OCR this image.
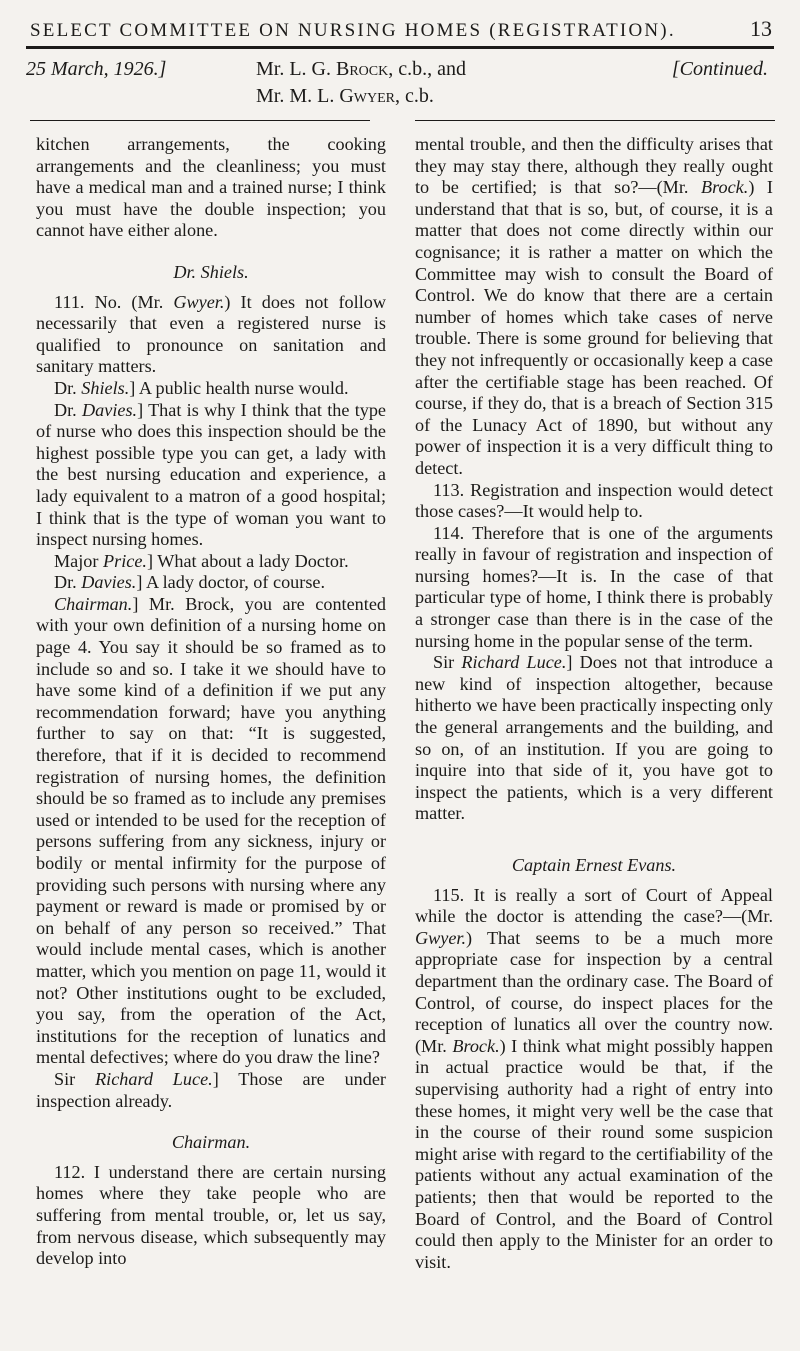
SELECT COMMITTEE ON NURSING HOMES (REGISTRATION).	13
25 March, 1926.]	Mr. L. G. Brock, c.b., and
Mr. M. L. Gwyer, c.b.
[Continued.

kitchen arrangements, the cooking arrangements and the cleanliness; you must have a medical man and a trained nurse; I think you must have the double inspection; you cannot have either alone.

Dr. Shiels.

111. No. (Mr. Gwyer.) It does not follow necessarily that even a registered nurse is qualified to pronounce on sanitation and sanitary matters.

Dr. Shiels.] A public health nurse would.

Dr. Davies.] That is why I think that the type of nurse who does this inspection should be the highest possible type you can get, a lady with the best nursing education and experience, a lady equivalent to a matron of a good hospital; I think that is the type of woman you want to inspect nursing homes.

Major Price.] What about a lady Doctor.

Dr. Davies.] A lady doctor, of course.

Chairman.] Mr. Brock, you are contented with your own definition of a nursing home on page 4. You say it should be so framed as to include so and so. I take it we should have to have some kind of a definition if we put any recommendation forward; have you anything further to say on that: “It is suggested, therefore, that if it is decided to recommend registration of nursing homes, the definition should be so framed as to include any premises used or intended to be used for the reception of persons suffering from any sickness, injury or bodily or mental infirmity for the purpose of providing such persons with nursing where any payment or reward is made or promised by or on behalf of any person so received.” That would include mental cases, which is another matter, which you mention on page 11, would it not? Other institutions ought to be excluded, you say, from the operation of the Act, institutions for the reception of lunatics and mental defectives; where do you draw the line?

Sir Richard Luce.] Those are under inspection already.

Chairman.

112. I understand there are certain nursing homes where they take people who are suffering from mental trouble, or, let us say, from nervous disease, which subsequently may develop into

mental trouble, and then the difficulty arises that they may stay there, although they really ought to be certified; is that so?—(Mr. Brock.) I understand that that is so, but, of course, it is a matter that does not come directly within our cognisance; it is rather a matter on which the Committee may wish to consult the Board of Control. We do know that there are a certain number of homes which take cases of nerve trouble. There is some ground for believing that they not infrequently or occasionally keep a case after the certifiable stage has been reached. Of course, if they do, that is a breach of Section 315 of the Lunacy Act of 1890, but without any power of inspection it is a very difficult thing to detect.

113. Registration and inspection would detect those cases?—It would help to.

114. Therefore that is one of the arguments really in favour of registration and inspection of nursing homes?—It is. In the case of that particular type of home, I think there is probably a stronger case than there is in the case of the nursing home in the popular sense of the term.

Sir Richard Luce.] Does not that introduce a new kind of inspection altogether, because hitherto we have been practically inspecting only the general arrangements and the building, and so on, of an institution. If you are going to inquire into that side of it, you have got to inspect the patients, which is a very different matter.

Captain Ernest Evans.

115. It is really a sort of Court of Appeal while the doctor is attending the case?—(Mr. Gwyer.) That seems to be a much more appropriate case for inspection by a central department than the ordinary case. The Board of Control, of course, do inspect places for the reception of lunatics all over the country now. (Mr. Brock.) I think what might possibly happen in actual practice would be that, if the supervising authority had a right of entry into these homes, it might very well be the case that in the course of their round some suspicion might arise with regard to the certifiability of the patients without any actual examination of the patients; then that would be reported to the Board of Control, and the Board of Control could then apply to the Minister for an order to visit.
